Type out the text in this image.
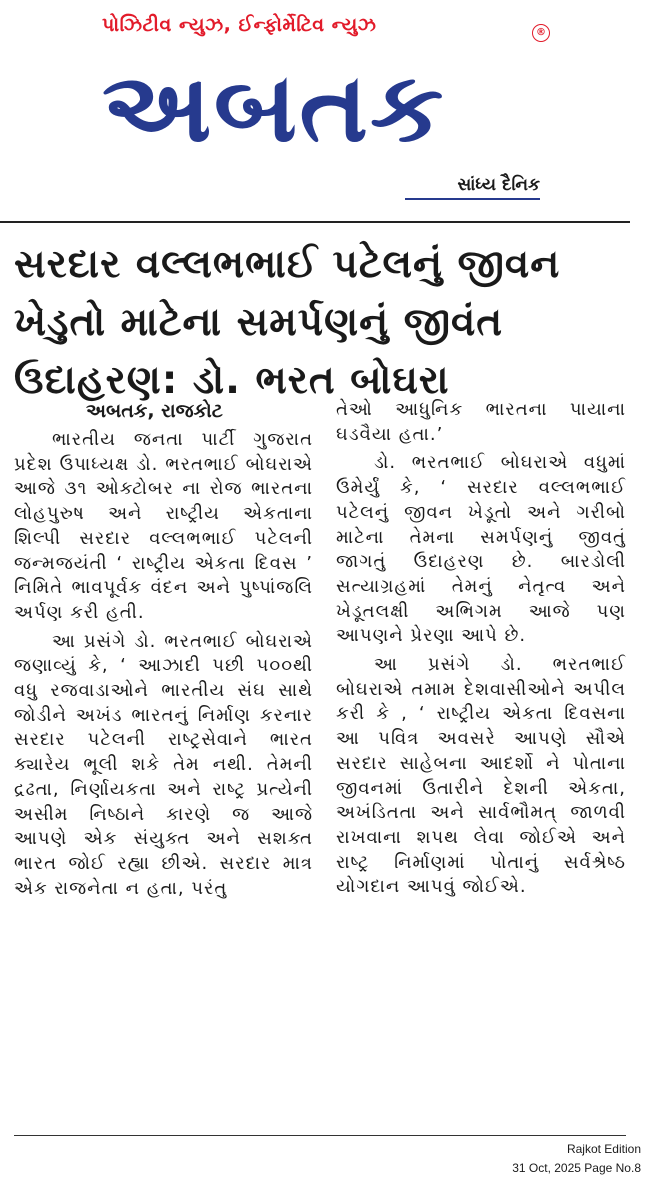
પોઝિટીવ ન્યુઝ, ઈન્ફોર્મેટિવ ન્યુઝ	®
અબતક
સાંધ્ય દૈનિક
સરદાર વલ્લભભાઈ પટેલનું જીવન ખેડુતો માટેના સમર્પણનું જીવંત ઉદાહરણ: ડો. ભરત બોઘરા
અબતક, રાજકોટ

ભારતીય જનતા પાર્ટી ગુજરાત પ્રદેશ ઉપાધ્યક્ષ ડો. ભરતભાઈ બોઘરાએ આજે ૩૧ ઓક્ટોબર ના રોજ ભારતના લોહપુરુષ અને રાષ્ટ્રીય એકતાના શિલ્પી સરદાર વલ્લભભાઈ પટેલની જન્મજયંતી ‘ રાષ્ટ્રીય એકતા દિવસ ’ નિમિતે ભાવપૂર્વક વંદન અને પુષ્પાંજલિ અર્પણ કરી હતી.

આ પ્રસંગે ડો. ભરતભાઈ બોઘરાએ જણાવ્યું કે, ‘ આઝાદી પછી ૫૦૦થી વધુ રજવાડાઓને ભારતીય સંઘ સાથે જોડીને અખંડ ભારતનું નિર્માણ કરનાર સરદાર પટેલની રાષ્ટ્રસેવાને ભારત ક્યારેય ભૂલી શકે તેમ નથી. તેમની દ્રઢતા, નિર્ણાયકતા અને રાષ્ટ્ર પ્રત્યેની અસીમ નિષ્ઠાને કારણે જ આજે આપણે એક સંયુક્ત અને સશક્ત ભારત જોઈ રહ્યા છીએ. સરદાર માત્ર એક રાજનેતા ન હતા, પરંતુ

તેઓ આધુનિક ભારતના પાયાના ઘડવૈયા હતા.’

ડો. ભરતભાઈ બોઘરાએ વધુમાં ઉમેર્યું કે, ‘ સરદાર વલ્લભભાઈ પટેલનું જીવન ખેડૂતો અને ગરીબો માટેના તેમના સમર્પણનું જીવતું જાગતું ઉદાહરણ છે. બારડોલી સત્યાગ્રહમાં તેમનું નેતૃત્વ અને ખેડૂતલક્ષી અભિગમ આજે પણ આપણને પ્રેરણા આપે છે.

આ પ્રસંગે ડો. ભરતભાઈ બોઘરાએ તમામ દેશવાસીઓને અપીલ કરી કે , ‘ રાષ્ટ્રીય એકતા દિવસના આ પવિત્ર અવસરે આપણે સૌએ સરદાર સાહેબના આદર્શો ને પોતાના જીવનમાં ઉતારીને દેશની એકતા, અખંડિતતા અને સાર્વભૌમત્ જાળવી રાખવાના શપથ લેવા જોઈએ અને રાષ્ટ્ર નિર્માણમાં પોતાનું સર્વશ્રેષ્ઠ યોગદાન આપવું જોઈએ.

Rajkot Edition
31 Oct, 2025 Page No.8
